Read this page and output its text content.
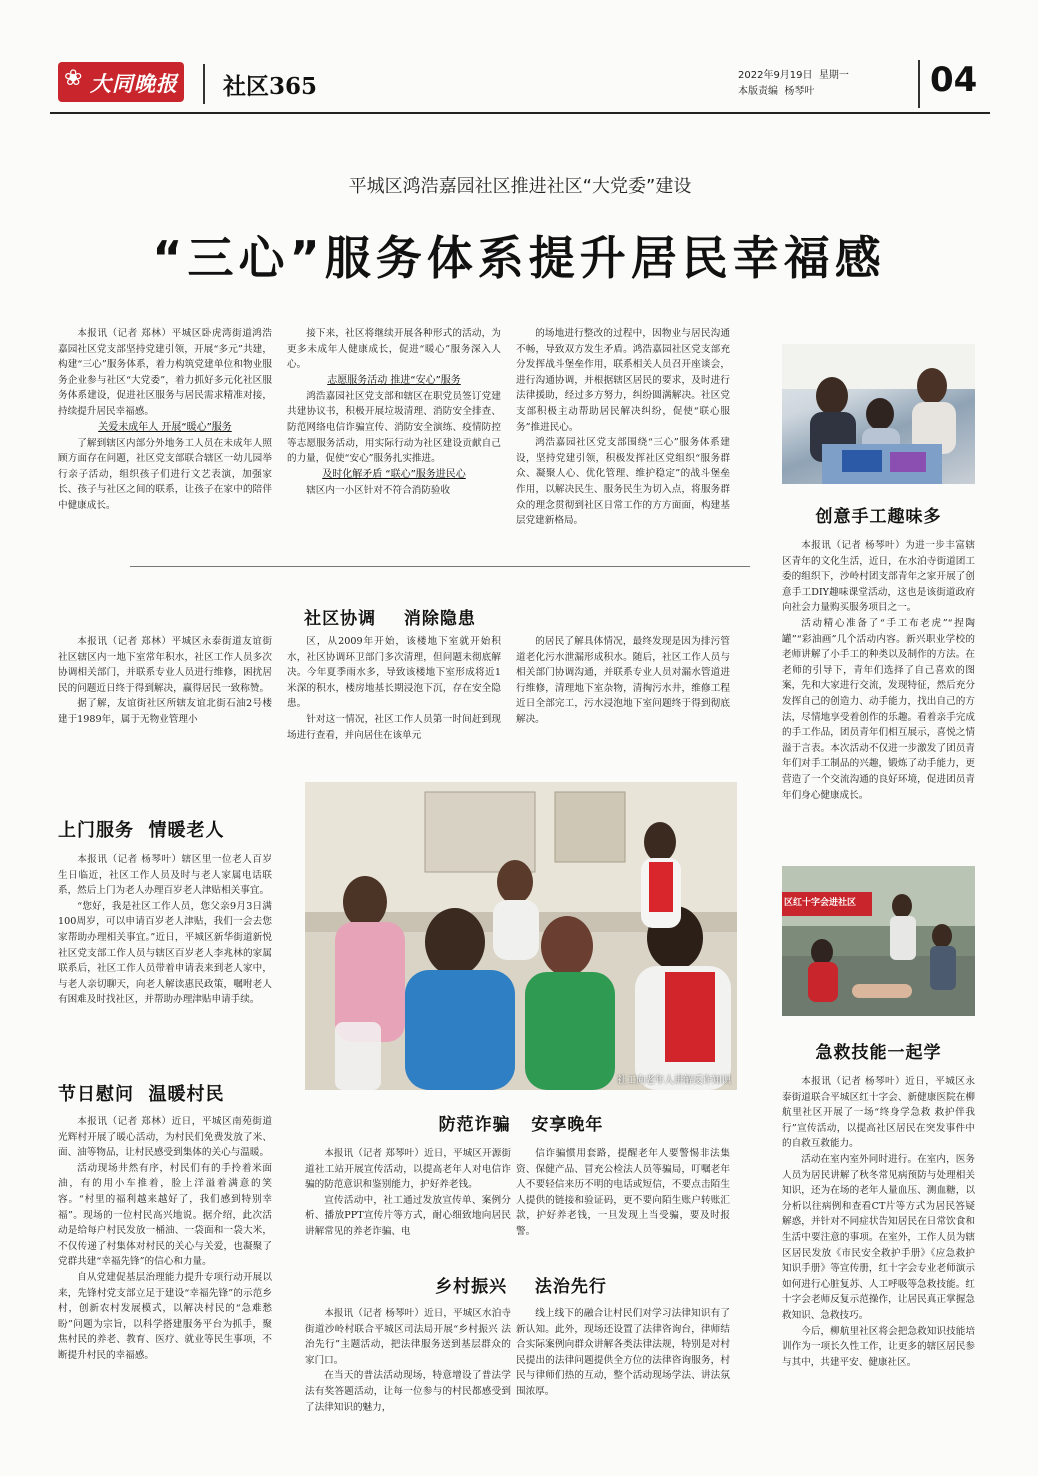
❀ 大同晚报 社区365	2022年9月19日  星期一
本版责编  杨琴叶	04
平城区鸿浩嘉园社区推进社区“大党委”建设
“三心”服务体系提升居民幸福感

本报讯（记者 郑林）平城区卧虎湾街道鸿浩嘉园社区党支部坚持党建引领，开展“多元”共建，构建“三心”服务体系，着力构筑党建单位和物业服务企业参与社区“大党委”，着力抓好多元化社区服务体系建设，促进社区服务与居民需求精准对接，持续提升居民幸福感。

关爱未成年人 开展“暖心”服务

了解到辖区内部分外地务工人员在未成年人照顾方面存在问题，社区党支部联合辖区一幼儿园举行亲子活动，组织孩子们进行文艺表演，加强家长、孩子与社区之间的联系，让孩子在家中的陪伴中健康成长。

接下来，社区将继续开展各种形式的活动，为更多未成年人健康成长，促进“暖心”服务深入人心。

志愿服务活动 推进“安心”服务

鸿浩嘉园社区党支部和辖区在职党员签订党建共建协议书，积极开展垃圾清理、消防安全排查、防范网络电信诈骗宣传、消防安全演练、疫情防控等志愿服务活动，用实际行动为社区建设贡献自己的力量，促使“安心”服务扎实推进。

及时化解矛盾 “联心”服务进民心

辖区内一小区针对不符合消防验收

的场地进行整改的过程中，因物业与居民沟通不畅，导致双方发生矛盾。鸿浩嘉园社区党支部充分发挥战斗堡垒作用，联系相关人员召开座谈会，进行沟通协调，并根据辖区居民的要求，及时进行法律援助，经过多方努力，纠纷圆满解决。社区党支部积极主动帮助居民解决纠纷，促使“联心服务”推进民心。

鸿浩嘉园社区党支部围绕“三心”服务体系建设，坚持党建引领，积极发挥社区党组织“服务群众、凝聚人心、优化管理、维护稳定”的战斗堡垒作用，以解决民生、服务民生为切入点，将服务群众的理念贯彻到社区日常工作的方方面面，构建基层党建新格局。	创意手工趣味多

本报讯（记者 杨琴叶）为进一步丰富辖区青年的文化生活，近日，在水泊寺街道团工委的组织下，沙岭村团支部青年之家开展了创意手工DIY趣味课堂活动，这也是该街道政府向社会力量购买服务项目之一。

活动精心准备了“手工布老虎”“捏陶罐”“彩油画”几个活动内容。新兴职业学校的老师讲解了小手工的种类以及制作的方法。在老师的引导下，青年们选择了自己喜欢的图案，先和大家进行交流，发现特征，然后充分发挥自己的创造力、动手能力，找出自己的方法，尽情地享受着创作的乐趣。看着亲手完成的手工作品，团员青年们相互展示，喜悦之情溢于言表。本次活动不仅进一步激发了团员青年们对手工制品的兴趣，锻炼了动手能力，更营造了一个交流沟通的良好环境，促进团员青年们身心健康成长。

社区协调    消除隐患

本报讯（记者 郑林）平城区永泰街道友谊街社区辖区内一地下室常年积水，社区工作人员多次协调相关部门，并联系专业人员进行维修，困扰居民的问题近日终于得到解决，赢得居民一致称赞。

据了解，友谊街社区所辖友谊北街石油2号楼建于1989年，属于无物业管理小

区，从2009年开始，该楼地下室就开始积水，社区协调环卫部门多次清理，但问题未彻底解决。今年夏季雨水多，导致该楼地下室形成将近1米深的积水，楼房地基长期浸泡下沉，存在安全隐患。

针对这一情况，社区工作人员第一时间赶到现场进行查看，并向居住在该单元

的居民了解具体情况，最终发现是因为排污管道老化污水泄漏形成积水。随后，社区工作人员与相关部门协调沟通，并联系专业人员对漏水管道进行维修，清理地下室杂物，清掏污水井，维修工程近日全部完工，污水浸泡地下室问题终于得到彻底解决。

社工向老年人讲解反诈知识
上门服务  情暖老人

本报讯（记者 杨琴叶）辖区里一位老人百岁生日临近，社区工作人员及时与老人家属电话联系，然后上门为老人办理百岁老人津贴相关事宜。

“您好，我是社区工作人员，您父亲9月3日满100周岁，可以申请百岁老人津贴，我们一会去您家帮助办理相关事宜。”近日，平城区新华街道新悦社区党支部工作人员与辖区百岁老人李兆林的家属联系后，社区工作人员带着申请表来到老人家中，与老人亲切聊天，向老人解读惠民政策，嘱咐老人有困难及时找社区，并帮助办理津贴申请手续。

节日慰问  温暖村民

本报讯（记者 郑林）近日，平城区南苑街道光辉村开展了暖心活动，为村民们免费发放了米、面、油等物品，让村民感受到集体的关心与温暖。

活动现场井然有序，村民们有的手拎着米面油，有的用小车推着，脸上洋溢着满意的笑容。“村里的福利越来越好了，我们感到特别幸福”。现场的一位村民高兴地说。据介绍，此次活动是给每户村民发放一桶油、一袋面和一袋大米，不仅传递了村集体对村民的关心与关爱，也凝聚了党群共建“幸福先锋”的信心和力量。

自从党建促基层治理能力提升专项行动开展以来，先锋村党支部立足于建设“幸福先锋”的示范乡村，创新农村发展模式，以解决村民的“急难愁盼”问题为宗旨，以科学搭建服务平台为抓手，聚焦村民的养老、教育、医疗、就业等民生事项，不断提升村民的幸福感。

防范诈骗   安享晚年

本报讯（记者 郑琴叶）近日，平城区开源街道社工站开展宣传活动，以提高老年人对电信诈骗的防范意识和鉴别能力，护好养老钱。

宣传活动中，社工通过发放宣传单、案例分析、播放PPT宣传片等方式，耐心细致地向居民讲解常见的养老诈骗、电

信诈骗惯用套路，提醒老年人要警惕非法集资、保健产品、冒充公检法人员等骗局，叮嘱老年人不要轻信来历不明的电话或短信，不要点击陌生人提供的链接和验证码，更不要向陌生账户转账汇款，护好养老钱，一旦发现上当受骗，要及时报警。

乡村振兴    法治先行

本报讯（记者 杨琴叶）近日，平城区水泊寺街道沙岭村联合平城区司法局开展“乡村振兴 法治先行”主题活动，把法律服务送到基层群众的家门口。

在当天的普法活动现场，特意增设了普法学法有奖答题活动，让每一位参与的村民都感受到了法律知识的魅力，

线上线下的融合让村民们对学习法律知识有了新认知。此外，现场还设置了法律咨询台，律师结合实际案例向群众讲解各类法律法规，特别是对村民提出的法律问题提供全方位的法律咨询服务，村民与律师们热的互动，整个活动现场学法、讲法氛围浓厚。

区红十字会进社区
急救技能一起学

本报讯（记者 杨琴叶）近日，平城区永泰街道联合平城区红十字会、新健康医院在柳航里社区开展了一场“终身学急救 救护伴我行”宣传活动，以提高社区居民在突发事件中的自救互救能力。

活动在室内室外同时进行。在室内，医务人员为居民讲解了秋冬常见病预防与处理相关知识，还为在场的老年人量血压、测血糖，以分析以往病例和查看CT片等方式为居民答疑解惑，并针对不同症状告知居民在日常饮食和生活中要注意的事项。在室外，工作人员为辖区居民发放《市民安全救护手册》《应急救护知识手册》等宣传册，红十字会专业老师演示如何进行心脏复苏、人工呼吸等急救技能。红十字会老师反复示范操作，让居民真正掌握急救知识、急救技巧。

今后，柳航里社区将会把急救知识技能培训作为一项长久性工作，让更多的辖区居民参与其中，共建平安、健康社区。
